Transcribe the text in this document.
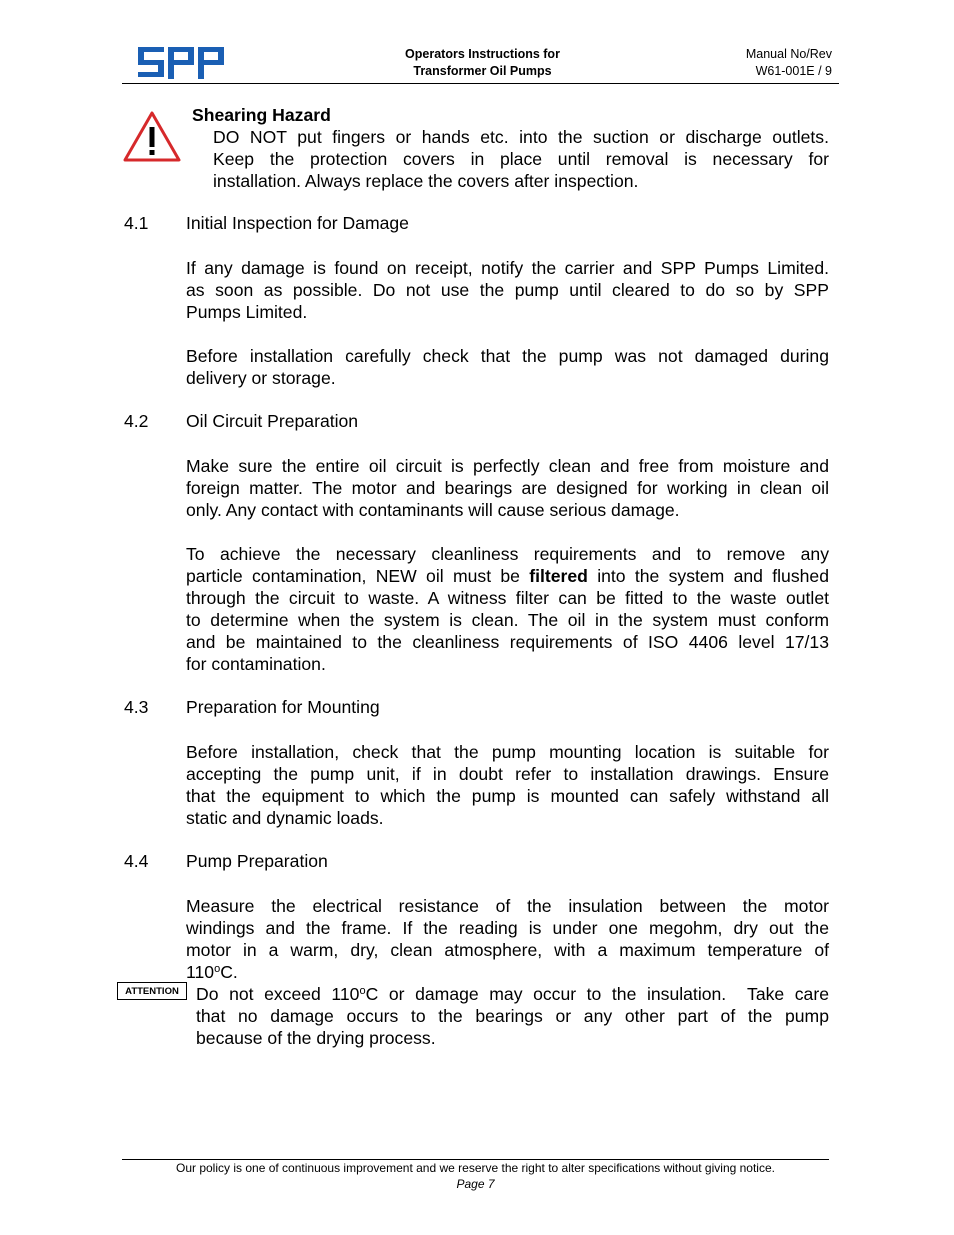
Operators Instructions for
Transformer Oil Pumps
Manual No/Rev
W61-001E / 9
Shearing Hazard
DO NOT put fingers or hands etc. into the suction or discharge outlets.
Keep the protection covers in place until removal is necessary for
installation. Always replace the covers after inspection.
4.1 Initial Inspection for Damage
If any damage is found on receipt, notify the carrier and SPP Pumps Limited.
as soon as possible. Do not use the pump until cleared to do so by SPP
Pumps Limited.
Before installation carefully check that the pump was not damaged during
delivery or storage.
4.2 Oil Circuit Preparation
Make sure the entire oil circuit is perfectly clean and free from moisture and
foreign matter. The motor and bearings are designed for working in clean oil
only. Any contact with contaminants will cause serious damage.
To achieve the necessary cleanliness requirements and to remove any
particle contamination, NEW oil must be filtered into the system and flushed
through the circuit to waste. A witness filter can be fitted to the waste outlet
to determine when the system is clean. The oil in the system must conform
and be maintained to the cleanliness requirements of ISO 4406 level 17/13
for contamination.
4.3 Preparation for Mounting
Before installation, check that the pump mounting location is suitable for
accepting the pump unit, if in doubt refer to installation drawings. Ensure
that the equipment to which the pump is mounted can safely withstand all
static and dynamic loads.
4.4 Pump Preparation
Measure the electrical resistance of the insulation between the motor
windings and the frame. If the reading is under one megohm, dry out the
motor in a warm, dry, clean atmosphere, with a maximum temperature of
110$^o$C.
ATTENTION Do not exceed 110$^o$C or damage may occur to the insulation.  Take care
that no damage occurs to the bearings or any other part of the pump
because of the drying process.
Our policy is one of continuous improvement and we reserve the right to alter specifications without giving notice.
Page 7
